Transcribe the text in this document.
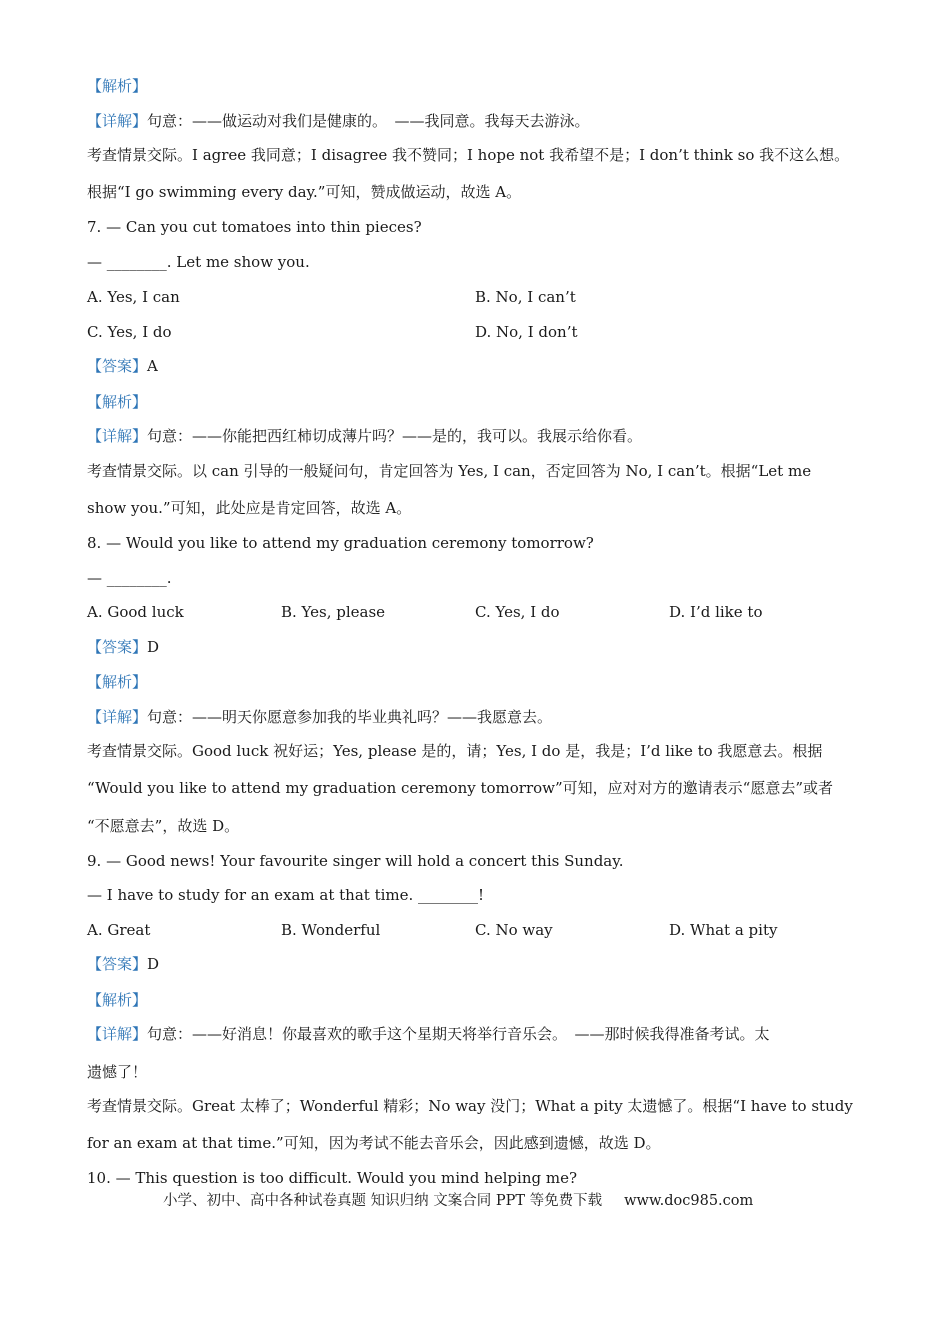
【解析】
【详解】句意：——做运动对我们是健康的。　——我同意。我每天去游泳。
考查情景交际。I agree 我同意；I disagree 我不赞同；I hope not 我希望不是；I don’t think so 我不这么想。
根据“I go swimming every day.”可知，赞成做运动，故选 A。
7. — Can you cut tomatoes into thin pieces?
— ________. Let me show you.
A. Yes, I can	B. No, I can’t
C. Yes, I do	D. No, I don’t
【答案】A
【解析】
【详解】句意：——你能把西红柿切成薄片吗？——是的，我可以。我展示给你看。
考查情景交际。以 can 引导的一般疑问句，肯定回答为 Yes, I can，否定回答为 No, I can’t。根据“Let me
show you.”可知，此处应是肯定回答，故选 A。
8. — Would you like to attend my graduation ceremony tomorrow?
— ________.
A. Good luck	B. Yes, please	C. Yes, I do	D. I’d like to
【答案】D
【解析】
【详解】句意：——明天你愿意参加我的毕业典礼吗？——我愿意去。
考查情景交际。Good luck 祝好运；Yes, please 是的，请；Yes, I do 是，我是；I’d like to 我愿意去。根据
“Would you like to attend my graduation ceremony tomorrow”可知，应对对方的邀请表示“愿意去”或者
“不愿意去”，故选 D。
9. — Good news! Your favourite singer will hold a concert this Sunday.
— I have to study for an exam at that time. ________!
A. Great	B. Wonderful	C. No way	D. What a pity
【答案】D
【解析】
【详解】句意：——好消息！你最喜欢的歌手这个星期天将举行音乐会。　——那时候我得准备考试。太
遗憾了！
考查情景交际。Great 太棒了；Wonderful 精彩；No way 没门；What a pity 太遗憾了。根据“I have to study
for an exam at that time.”可知，因为考试不能去音乐会，因此感到遗憾，故选 D。
10. — This question is too difficult. Would you mind helping me?
小学、初中、高中各种试卷真题 知识归纳 文案合同 PPT 等免费下载 www.doc985.com
